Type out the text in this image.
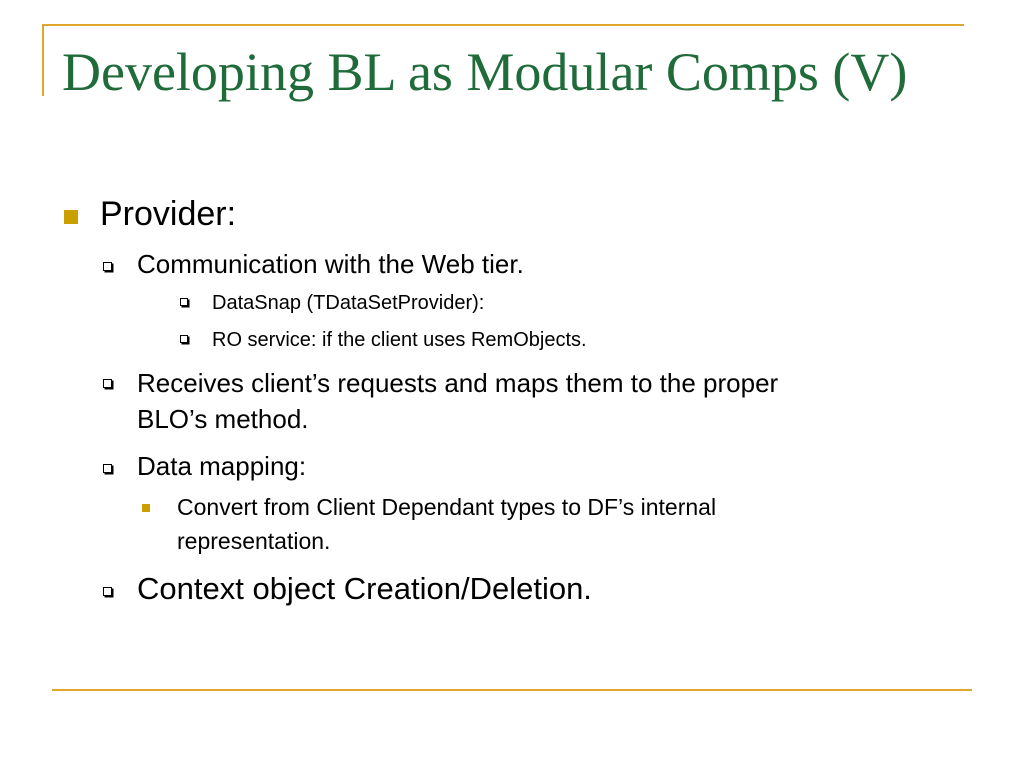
Developing BL as Modular Comps (V)
Provider:
Communication with the Web tier.
DataSnap (TDataSetProvider):
RO service: if the client uses RemObjects.
Receives client’s requests and maps them to the proper
BLO’s method.
Data mapping:
Convert from Client Dependant types to DF’s internal
representation.
Context object Creation/Deletion.
